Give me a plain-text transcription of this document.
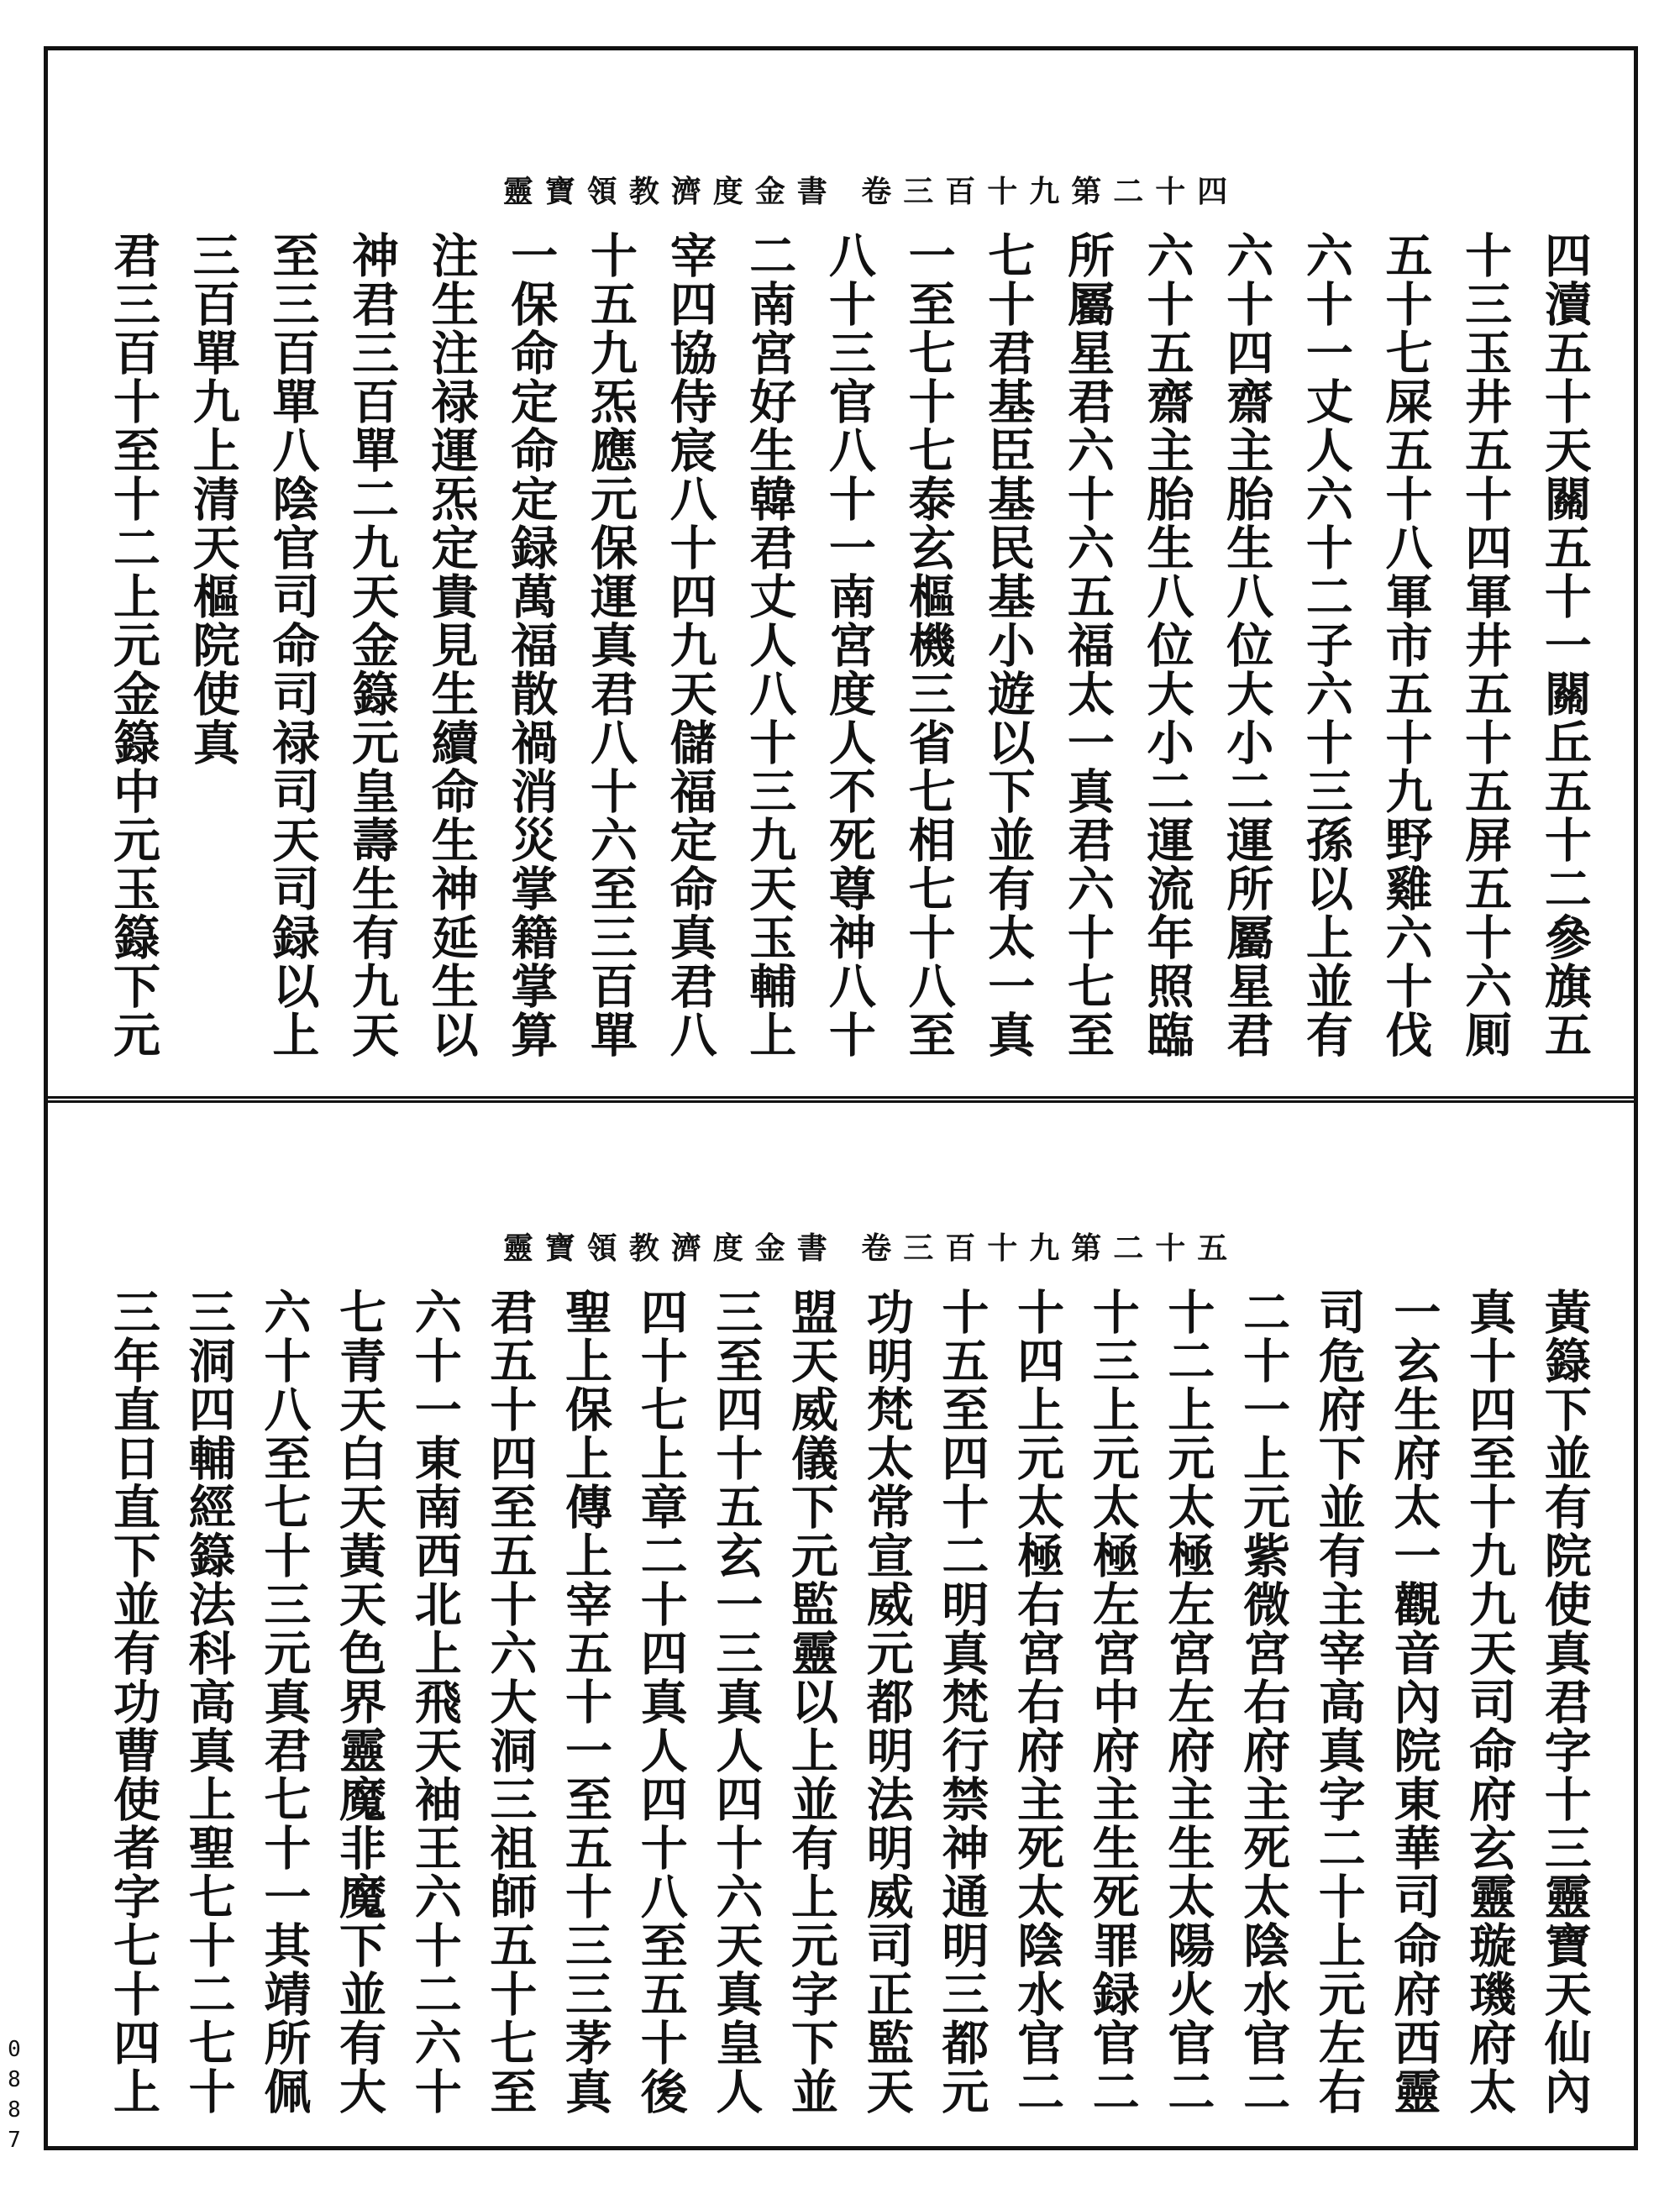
靈寶領教濟度金書 卷三百十九第二十四
四瀆五十天關五十一關丘五十二參旗五
十三玉井五十四軍井五十五屏五十六厠
五十七屎五十八軍市五十九野雞六十伐
六十一丈人六十二子六十三孫以上並有
六十四齋主胎生八位大小二運所屬星君
六十五齋主胎生八位大小二運流年照臨
所屬星君六十六五福太一真君六十七至
七十君基臣基民基小遊以下並有太一真
一至七十七泰玄樞機三省七相七十八至
八十三官八十一南宮度人不死尊神八十
二南宮好生韓君丈人八十三九天玉輔上
宰四協侍宸八十四九天儲福定命真君八
十五九炁應元保運真君八十六至三百單
一保命定命定録萬福散禍消災掌籍掌算
注生注禄運炁定貴見生續命生神延生以
神君三百單二九天金籙元皇壽生有九天
至三百單八陰官司命司禄司天司録以上
三百單九上清天樞院使真
君三百十至十二上元金籙中元玉籙下元
靈寶領教濟度金書 卷三百十九第二十五
黃籙下並有院使真君字十三靈寶天仙內
真十四至十九九天司命府玄靈璇璣府太
一玄生府太一觀音內院東華司命府西靈
司危府下並有主宰高真字二十上元左右
二十一上元紫微宮右府主死太陰水官二
十二上元太極左宮左府主生太陽火官二
十三上元太極左宮中府主生死罪録官二
十四上元太極右宮右府主死太陰水官二
十五至四十二明真梵行禁神通明三都元
功明梵太常宣威元都明法明威司正監天
盟天威儀下元監靈以上並有上元字下並
三至四十五玄一三真人四十六天真皇人
四十七上章二十四真人四十八至五十後
聖上保上傳上宰五十一至五十三三茅真
君五十四至五十六大洞三祖師五十七至
六十一東南西北上飛天袖王六十二六十
七青天白天黃天色界靈魔非魔下並有大
六十八至七十三元真君七十一其靖所佩
三洞四輔經籙法科高真上聖七十二七十
三年直日直下並有功曹使者字七十四上
0887
